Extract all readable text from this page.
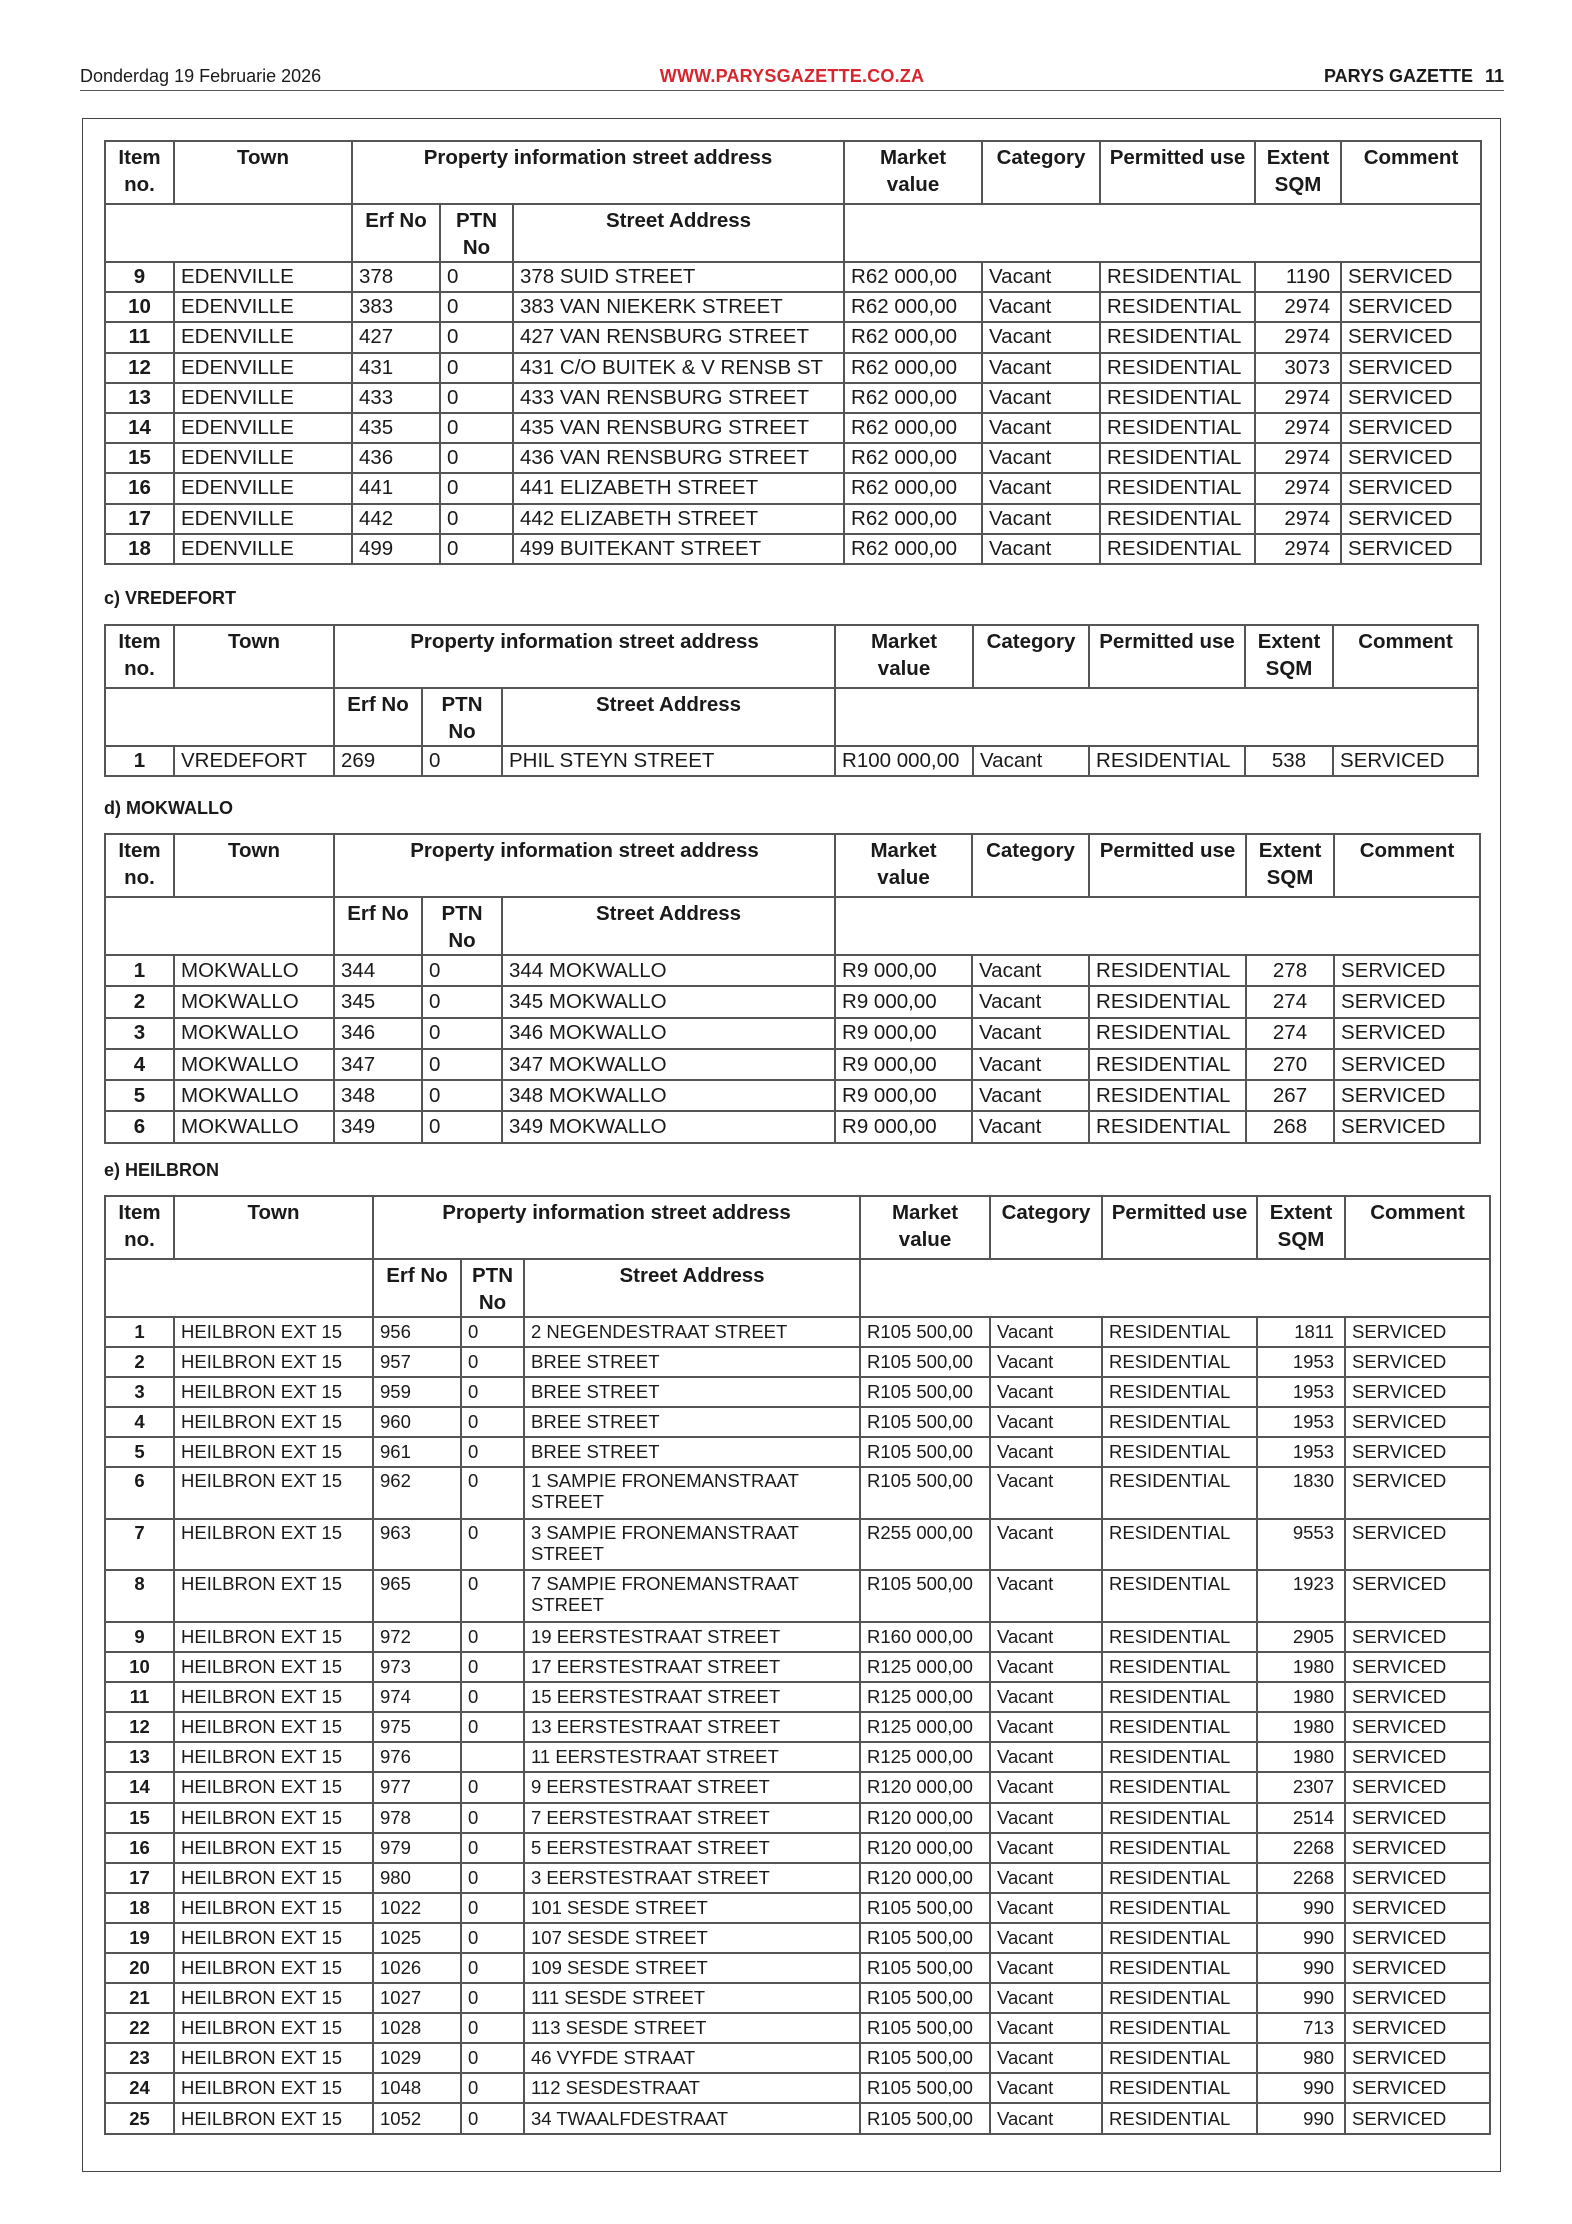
Donderdag 19 Februarie 2026	WWW.PARYSGAZETTE.CO.ZA	PARYS GAZETTE 11
Item no.	Town	Property information street address			Market value	Category	Permitted use	Extent SQM	Comment
		Erf No	PTN No	Street Address					
9	EDENVILLE	378	0	378 SUID STREET	R62 000,00	Vacant	RESIDENTIAL	1190	SERVICED
10	EDENVILLE	383	0	383 VAN NIEKERK STREET	R62 000,00	Vacant	RESIDENTIAL	2974	SERVICED
11	EDENVILLE	427	0	427 VAN RENSBURG STREET	R62 000,00	Vacant	RESIDENTIAL	2974	SERVICED
12	EDENVILLE	431	0	431 C/O BUITEK & V RENSB ST	R62 000,00	Vacant	RESIDENTIAL	3073	SERVICED
13	EDENVILLE	433	0	433 VAN RENSBURG STREET	R62 000,00	Vacant	RESIDENTIAL	2974	SERVICED
14	EDENVILLE	435	0	435 VAN RENSBURG STREET	R62 000,00	Vacant	RESIDENTIAL	2974	SERVICED
15	EDENVILLE	436	0	436 VAN RENSBURG STREET	R62 000,00	Vacant	RESIDENTIAL	2974	SERVICED
16	EDENVILLE	441	0	441 ELIZABETH STREET	R62 000,00	Vacant	RESIDENTIAL	2974	SERVICED
17	EDENVILLE	442	0	442 ELIZABETH STREET	R62 000,00	Vacant	RESIDENTIAL	2974	SERVICED
18	EDENVILLE	499	0	499 BUITEKANT STREET	R62 000,00	Vacant	RESIDENTIAL	2974	SERVICED
c) VREDEFORT
Item no.	Town	Property information street address			Market value	Category	Permitted use	Extent SQM	Comment
		Erf No	PTN No	Street Address					
1	VREDEFORT	269	0	PHIL STEYN STREET	R100 000,00	Vacant	RESIDENTIAL	538	SERVICED
d) MOKWALLO
Item no.	Town	Property information street address			Market value	Category	Permitted use	Extent SQM	Comment
		Erf No	PTN No	Street Address					
1	MOKWALLO	344	0	344 MOKWALLO	R9 000,00	Vacant	RESIDENTIAL	278	SERVICED
2	MOKWALLO	345	0	345 MOKWALLO	R9 000,00	Vacant	RESIDENTIAL	274	SERVICED
3	MOKWALLO	346	0	346 MOKWALLO	R9 000,00	Vacant	RESIDENTIAL	274	SERVICED
4	MOKWALLO	347	0	347 MOKWALLO	R9 000,00	Vacant	RESIDENTIAL	270	SERVICED
5	MOKWALLO	348	0	348 MOKWALLO	R9 000,00	Vacant	RESIDENTIAL	267	SERVICED
6	MOKWALLO	349	0	349 MOKWALLO	R9 000,00	Vacant	RESIDENTIAL	268	SERVICED
e) HEILBRON
Item no.	Town	Property information street address			Market value	Category	Permitted use	Extent SQM	Comment
		Erf No	PTN No	Street Address					
1	HEILBRON EXT 15	956	0	2 NEGENDESTRAAT STREET	R105 500,00	Vacant	RESIDENTIAL	1811	SERVICED
2	HEILBRON EXT 15	957	0	BREE STREET	R105 500,00	Vacant	RESIDENTIAL	1953	SERVICED
3	HEILBRON EXT 15	959	0	BREE STREET	R105 500,00	Vacant	RESIDENTIAL	1953	SERVICED
4	HEILBRON EXT 15	960	0	BREE STREET	R105 500,00	Vacant	RESIDENTIAL	1953	SERVICED
5	HEILBRON EXT 15	961	0	BREE STREET	R105 500,00	Vacant	RESIDENTIAL	1953	SERVICED
6	HEILBRON EXT 15	962	0	1 SAMPIE FRONEMANSTRAAT STREET	R105 500,00	Vacant	RESIDENTIAL	1830	SERVICED
7	HEILBRON EXT 15	963	0	3 SAMPIE FRONEMANSTRAAT STREET	R255 000,00	Vacant	RESIDENTIAL	9553	SERVICED
8	HEILBRON EXT 15	965	0	7 SAMPIE FRONEMANSTRAAT STREET	R105 500,00	Vacant	RESIDENTIAL	1923	SERVICED
9	HEILBRON EXT 15	972	0	19 EERSTESTRAAT STREET	R160 000,00	Vacant	RESIDENTIAL	2905	SERVICED
10	HEILBRON EXT 15	973	0	17 EERSTESTRAAT STREET	R125 000,00	Vacant	RESIDENTIAL	1980	SERVICED
11	HEILBRON EXT 15	974	0	15 EERSTESTRAAT STREET	R125 000,00	Vacant	RESIDENTIAL	1980	SERVICED
12	HEILBRON EXT 15	975	0	13 EERSTESTRAAT STREET	R125 000,00	Vacant	RESIDENTIAL	1980	SERVICED
13	HEILBRON EXT 15	976		11 EERSTESTRAAT STREET	R125 000,00	Vacant	RESIDENTIAL	1980	SERVICED
14	HEILBRON EXT 15	977	0	9 EERSTESTRAAT STREET	R120 000,00	Vacant	RESIDENTIAL	2307	SERVICED
15	HEILBRON EXT 15	978	0	7 EERSTESTRAAT STREET	R120 000,00	Vacant	RESIDENTIAL	2514	SERVICED
16	HEILBRON EXT 15	979	0	5 EERSTESTRAAT STREET	R120 000,00	Vacant	RESIDENTIAL	2268	SERVICED
17	HEILBRON EXT 15	980	0	3 EERSTESTRAAT STREET	R120 000,00	Vacant	RESIDENTIAL	2268	SERVICED
18	HEILBRON EXT 15	1022	0	101 SESDE STREET	R105 500,00	Vacant	RESIDENTIAL	990	SERVICED
19	HEILBRON EXT 15	1025	0	107 SESDE STREET	R105 500,00	Vacant	RESIDENTIAL	990	SERVICED
20	HEILBRON EXT 15	1026	0	109 SESDE STREET	R105 500,00	Vacant	RESIDENTIAL	990	SERVICED
21	HEILBRON EXT 15	1027	0	111 SESDE STREET	R105 500,00	Vacant	RESIDENTIAL	990	SERVICED
22	HEILBRON EXT 15	1028	0	113 SESDE STREET	R105 500,00	Vacant	RESIDENTIAL	713	SERVICED
23	HEILBRON EXT 15	1029	0	46 VYFDE STRAAT	R105 500,00	Vacant	RESIDENTIAL	980	SERVICED
24	HEILBRON EXT 15	1048	0	112 SESDESTRAAT	R105 500,00	Vacant	RESIDENTIAL	990	SERVICED
25	HEILBRON EXT 15	1052	0	34 TWAALFDESTRAAT	R105 500,00	Vacant	RESIDENTIAL	990	SERVICED
